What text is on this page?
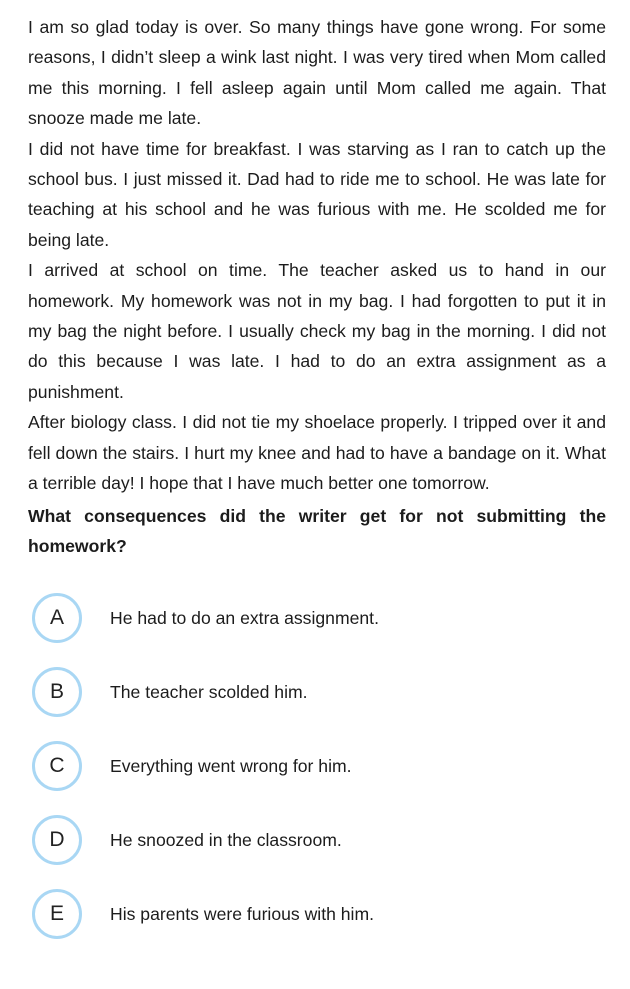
I am so glad today is over. So many things have gone wrong. For some reasons, I didn’t sleep a wink last night. I was very tired when Mom called me this morning. I fell asleep again until Mom called me again. That snooze made me late.

I did not have time for breakfast. I was starving as I ran to catch up the school bus. I just missed it. Dad had to ride me to school. He was late for teaching at his school and he was furious with me. He scolded me for being late.

I arrived at school on time. The teacher asked us to hand in our homework. My homework was not in my bag. I had forgotten to put it in my bag the night before. I usually check my bag in the morning. I did not do this because I was late. I had to do an extra assignment as a punishment.

After biology class. I did not tie my shoelace properly. I tripped over it and fell down the stairs. I hurt my knee and had to have a bandage on it. What a terrible day! I hope that I have much better one tomorrow.

What consequences did the writer get for not submitting the homework?

A	He had to do an extra assignment.
B	The teacher scolded him.
C	Everything went wrong for him.
D	He snoozed in the classroom.
E	His parents were furious with him.
